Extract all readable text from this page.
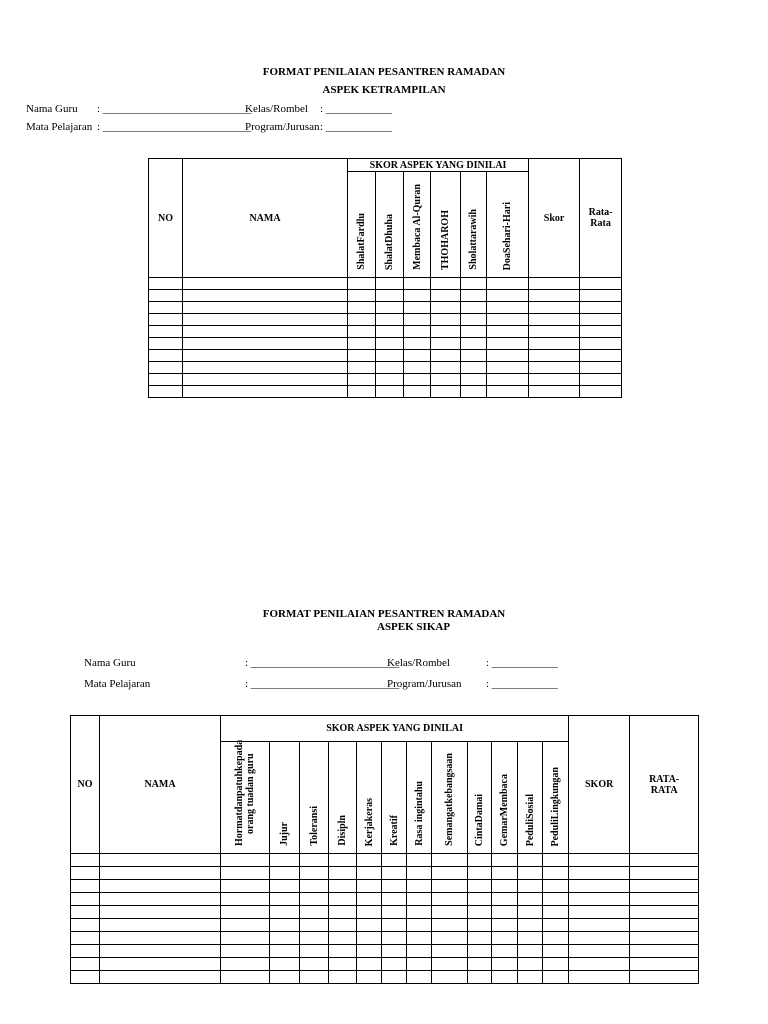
FORMAT PENILAIAN PESANTREN RAMADAN
ASPEK KETRAMPILAN
Nama Guru : ___________________________
Kelas/Rombel : ____________
Mata Pelajaran : ___________________________
Program/Jurusan : ____________
NO	NAMA	SKOR ASPEK YANG DINILAI						Skor	Rata-Rata
		ShalatFardlu	ShalatDhuha	Membaca Al-Quran	THOHAROH	Sholattarawih	DoaSehari-Hari		

FORMAT PENILAIAN PESANTREN RAMADAN
ASPEK SIKAP
Nama Guru	: ___________________________
Kelas/Rombel	: ____________
Mata Pelajaran	: ___________________________
Program/Jurusan : ____________
NO	NAMA	SKOR ASPEK YANG DINILAI												SKOR	RATA-RATA
		Hormatdanpatuhkepada orang tuadan guru	Jujur	Toleransi	Disipln	Kerjakeras	Kreatif	Rasa ingintahu	Semangatkebangsaan	CintaDamai	GemarMembaca	PeduliSosial	PeduliLingkungan		
